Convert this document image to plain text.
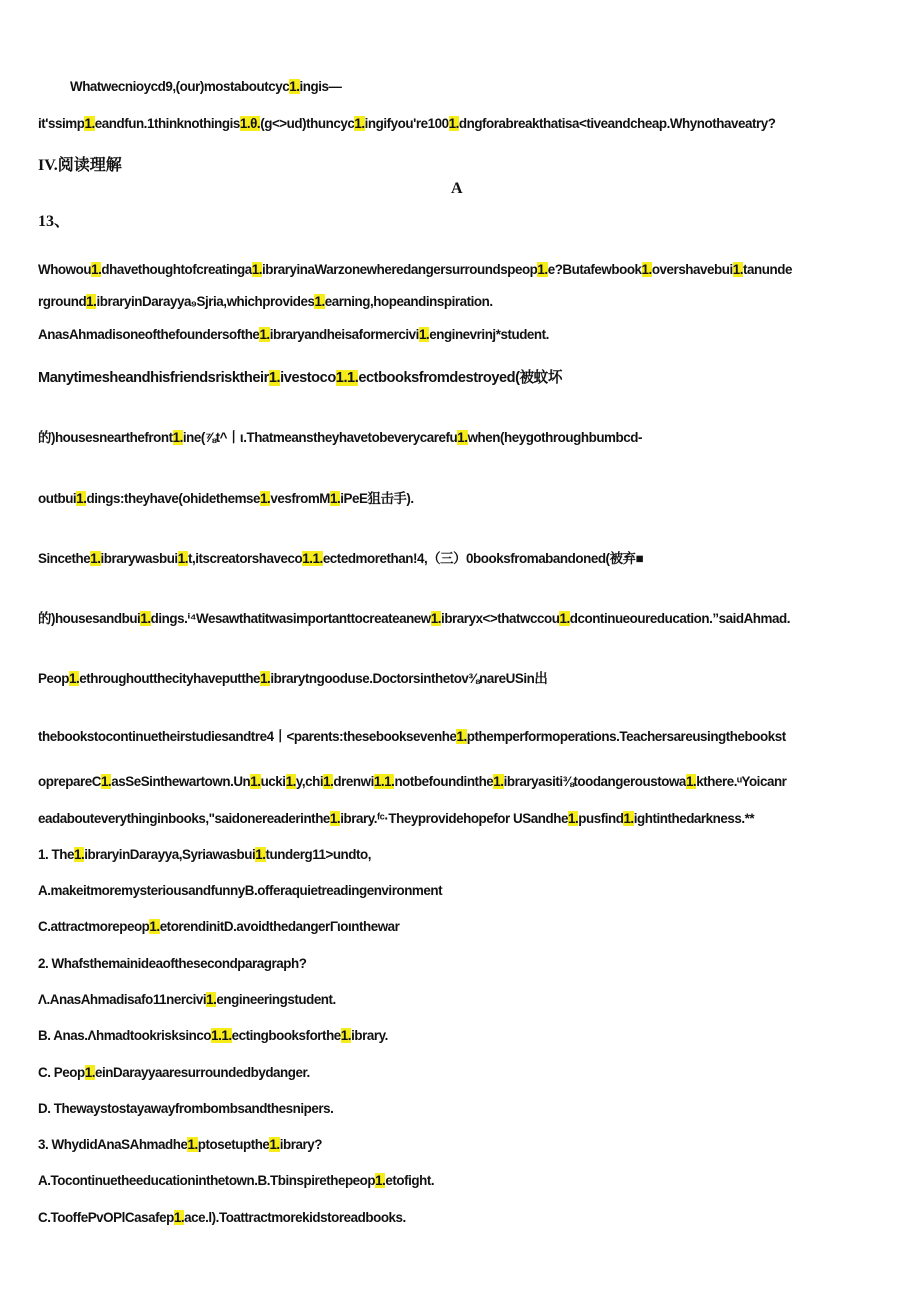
Whatwecnioycd9,(our)mostaboutcyc1.ingis—
it'ssimp1.eandfun.1thinknothingis1.θ.(g<>ud)thuncyc1.ingifyou're1001.dngforabreakthatisa<tiveandcheap.Whynothaveatry?
IV.阅读理解
A
13、
Whowou1.dhavethoughtofcreatinga1.ibraryinaWarzonewheredangersurroundspeop1.e?Butafewbook1.overshavebui1.tanunde
rground1.ibraryinDarayya₉Sjria,whichprovides1.earning,hopeandinspiration.
AnasAhmadisoneofthefoundersofthe1.ibraryandheisaformercivi1.enginevrinj*student.
Manytimesheandhisfriendsrisktheir1.ivestoco1.1.ectbooksfromdestroyed(被蚊坏
的)housesnearthefront1.ine(⅞t^丨ι.Thatmeanstheyhavetobeverycarefu1.when(heygothroughbumbcd-
outbui1.dings:theyhave(ohidethemse1.vesfromM1.iPeE狙击手).
Sincethe1.ibrarywasbui1.t,itscreatorshaveco1.1.ectedmorethan!4,（三）0booksfromabandoned(被弃■
的)housesandbui1.dings.ⁱ⁴Wesawthatitwasimportanttocreateanew1.ibraryx<>thatwccou1.dcontinueoureducation.”saidAhmad.
Peop1.ethroughoutthecityhaveputthe1.ibrarytngooduse.Doctorsinthetov⅜nareUSin出
thebookstocontinuetheirstudiesandtre4丨<parents:thesebooksevenhe1.pthemperformoperations.Teachersareusingthebookst
oprepareC1.asSeSinthewartown.Un1.ucki1.y,chi1.drenwi1.1.notbefoundinthe1.ibraryasiti⅜toodangeroustowa1.kthere.ᵘYoicanr
eadabouteverythinginbooks,"saidonereaderinthe1.ibrary.ᶠᶜ·Theyprovidehopefor USandhe1.pusfind1.ightinthedarkness.**
1. The1.ibraryinDarayya,Syriawasbui1.tunderg11>undto,
A.makeitmoremysteriousandfunnyB.offeraquietreadingenvironment
C.attractmorepeop1.etorendinitD.avoidthedangerΓιοιnthewar
2. Whafsthemainideaofthesecondparagraph?
Λ.AnasAhmadisafo11nercivi1.engineeringstudent.
B. Anas.Λhmadtookrisksinco1.1.ectingbooksforthe1.ibrary.
C. Peop1.einDarayyaaresurroundedbydanger.
D. Thewaystostayawayfrombombsandthesnipers.
3. WhydidAnaSAhmadhe1.ptosetupthe1.ibrary?
A.Tocontinuetheeducationinthetown.B.Tbinspirethepeop1.etofight.
C.TooffePvOPlCasafep1.ace.l).Toattractmorekidstoreadbooks.
